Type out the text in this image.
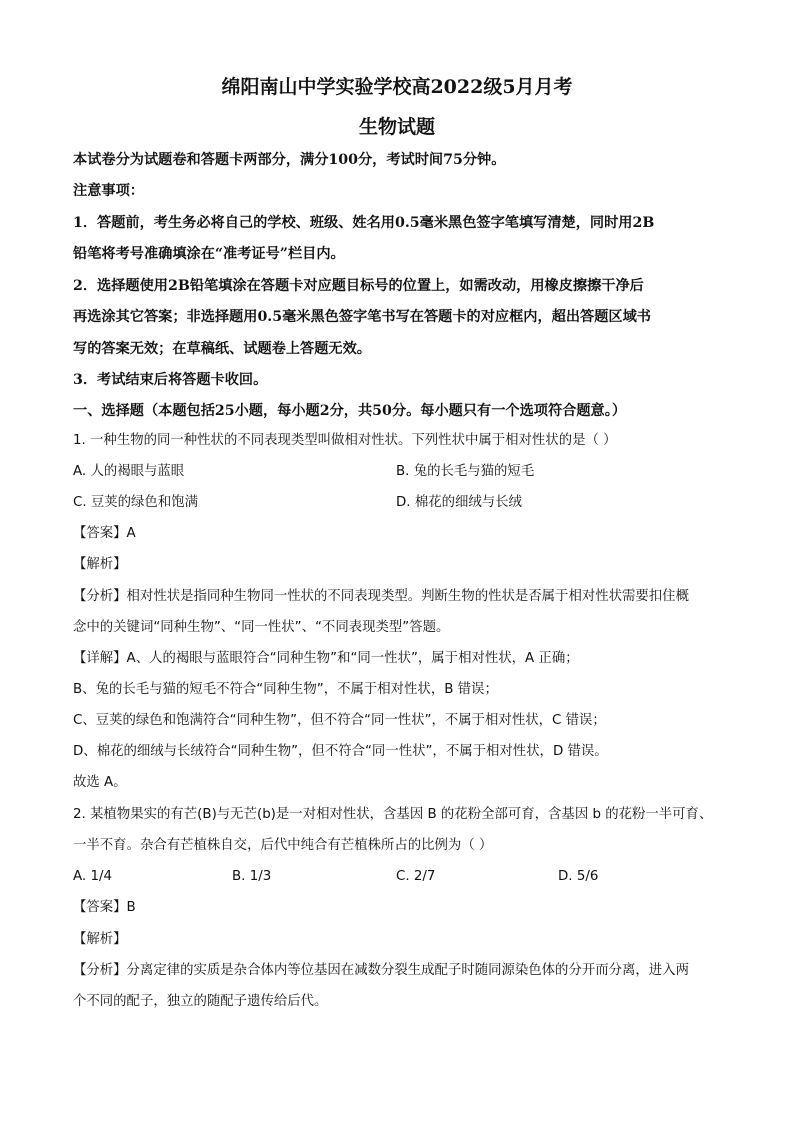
绵阳南山中学实验学校高2022级5月月考
生物试题
本试卷分为试题卷和答题卡两部分，满分100分，考试时间75分钟。
注意事项：
1．答题前，考生务必将自己的学校、班级、姓名用0.5毫米黑色签字笔填写清楚，同时用2B
铅笔将考号准确填涂在“准考证号”栏目内。
2．选择题使用2B铅笔填涂在答题卡对应题目标号的位置上，如需改动，用橡皮擦擦干净后
再选涂其它答案；非选择题用0.5毫米黑色签字笔书写在答题卡的对应框内，超出答题区域书
写的答案无效；在草稿纸、试题卷上答题无效。
3．考试结束后将答题卡收回。
一、选择题（本题包括25小题，每小题2分，共50分。每小题只有一个选项符合题意。）
1. 一种生物的同一种性状的不同表现类型叫做相对性状。下列性状中属于相对性状的是（ ）
A. 人的褐眼与蓝眼	B. 兔的长毛与猫的短毛
C. 豆荚的绿色和饱满	D. 棉花的细绒与长绒
【答案】A
【解析】
【分析】相对性状是指同种生物同一性状的不同表现类型。判断生物的性状是否属于相对性状需要扣住概
念中的关键词“同种生物”、“同一性状”、“不同表现类型”答题。
【详解】A、人的褐眼与蓝眼符合“同种生物”和“同一性状”，属于相对性状，A 正确；
B、兔的长毛与猫的短毛不符合“同种生物”，不属于相对性状，B 错误；
C、豆荚的绿色和饱满符合“同种生物”，但不符合“同一性状”，不属于相对性状，C 错误；
D、棉花的细绒与长绒符合“同种生物”，但不符合“同一性状”，不属于相对性状，D 错误。
故选 A。
2. 某植物果实的有芒(B)与无芒(b)是一对相对性状，含基因 B 的花粉全部可育，含基因 b 的花粉一半可育、
一半不育。杂合有芒植株自交，后代中纯合有芒植株所占的比例为（ ）
A. 1/4	B. 1/3	C. 2/7	D. 5/6
【答案】B
【解析】
【分析】分离定律的实质是杂合体内等位基因在减数分裂生成配子时随同源染色体的分开而分离，进入两
个不同的配子，独立的随配子遗传给后代。
